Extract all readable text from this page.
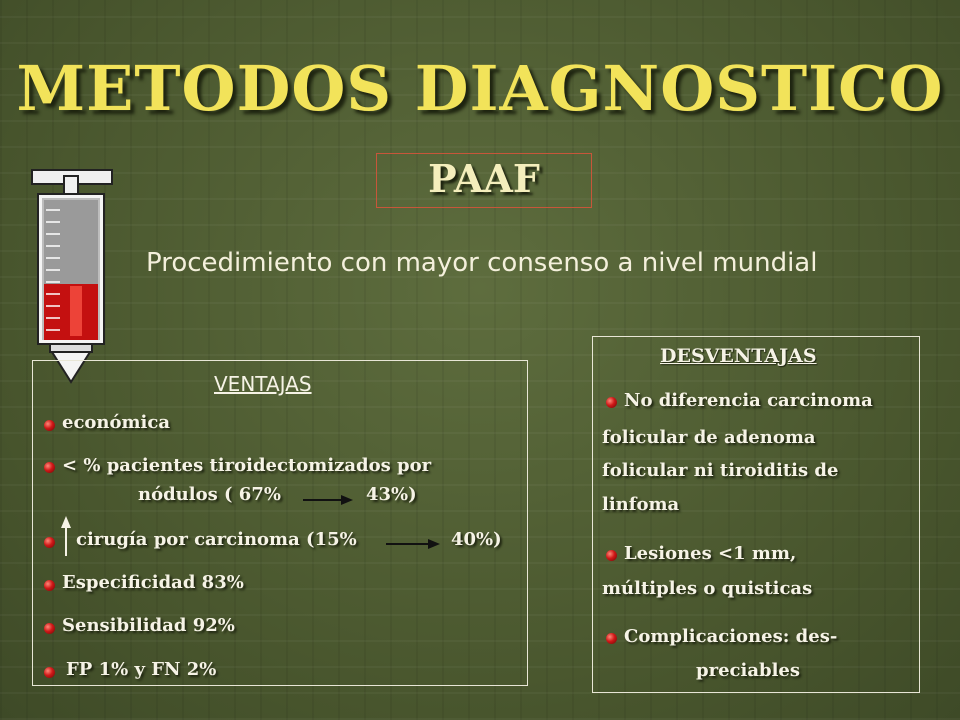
METODOS DIAGNOSTICO
PAAF
Procedimiento con mayor consenso a nivel mundial
VENTAJAS
económica
< % pacientes tiroidectomizados por
nódulos ( 67%	43%)
cirugía por carcinoma (15%	40%)
Especificidad 83%
Sensibilidad 92%
FP 1% y FN 2%
DESVENTAJAS
No diferencia carcinoma
folicular de adenoma
folicular ni tiroiditis de
linfoma
Lesiones <1 mm,
múltiples o quisticas
Complicaciones: des-
preciables
